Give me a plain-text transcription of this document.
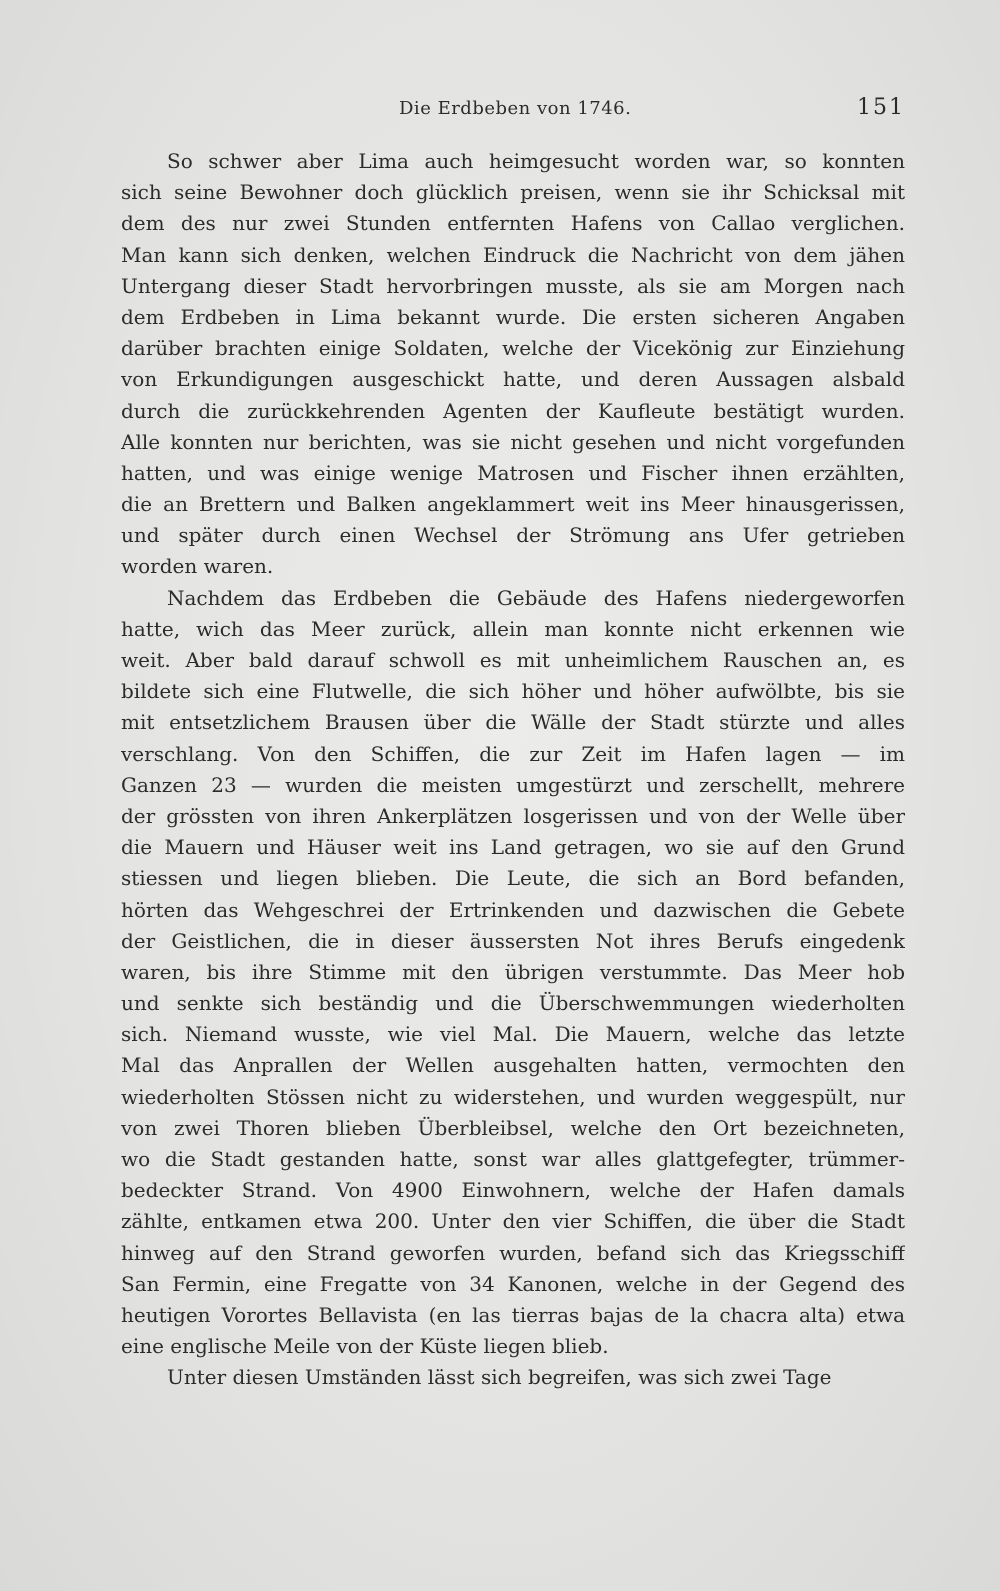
Die Erdbeben von 1746.	151
So schwer aber Lima auch heimgesucht worden war, so konnten
sich seine Bewohner doch glücklich preisen, wenn sie ihr Schicksal mit
dem des nur zwei Stunden entfernten Hafens von Callao verglichen.
Man kann sich denken, welchen Eindruck die Nachricht von dem jähen
Untergang dieser Stadt hervorbringen musste, als sie am Morgen nach
dem Erdbeben in Lima bekannt wurde. Die ersten sicheren Angaben
darüber brachten einige Soldaten, welche der Vicekönig zur Einziehung
von Erkundigungen ausgeschickt hatte, und deren Aussagen alsbald
durch die zurückkehrenden Agenten der Kaufleute bestätigt wurden.
Alle konnten nur berichten, was sie nicht gesehen und nicht vorgefunden
hatten, und was einige wenige Matrosen und Fischer ihnen erzählten,
die an Brettern und Balken angeklammert weit ins Meer hinausgerissen,
und später durch einen Wechsel der Strömung ans Ufer getrieben
worden waren.
Nachdem das Erdbeben die Gebäude des Hafens niedergeworfen
hatte, wich das Meer zurück, allein man konnte nicht erkennen wie
weit. Aber bald darauf schwoll es mit unheimlichem Rauschen an, es
bildete sich eine Flutwelle, die sich höher und höher aufwölbte, bis sie
mit entsetzlichem Brausen über die Wälle der Stadt stürzte und alles
verschlang. Von den Schiffen, die zur Zeit im Hafen lagen — im
Ganzen 23 — wurden die meisten umgestürzt und zerschellt, mehrere
der grössten von ihren Ankerplätzen losgerissen und von der Welle über
die Mauern und Häuser weit ins Land getragen, wo sie auf den Grund
stiessen und liegen blieben. Die Leute, die sich an Bord befanden,
hörten das Wehgeschrei der Ertrinkenden und dazwischen die Gebete
der Geistlichen, die in dieser äussersten Not ihres Berufs eingedenk
waren, bis ihre Stimme mit den übrigen verstummte. Das Meer hob
und senkte sich beständig und die Überschwemmungen wiederholten
sich. Niemand wusste, wie viel Mal. Die Mauern, welche das letzte
Mal das Anprallen der Wellen ausgehalten hatten, vermochten den
wiederholten Stössen nicht zu widerstehen, und wurden weggespült, nur
von zwei Thoren blieben Überbleibsel, welche den Ort bezeichneten,
wo die Stadt gestanden hatte, sonst war alles glattgefegter, trümmer-
bedeckter Strand. Von 4900 Einwohnern, welche der Hafen damals
zählte, entkamen etwa 200. Unter den vier Schiffen, die über die Stadt
hinweg auf den Strand geworfen wurden, befand sich das Kriegsschiff
San Fermin, eine Fregatte von 34 Kanonen, welche in der Gegend des
heutigen Vorortes Bellavista (en las tierras bajas de la chacra alta) etwa
eine englische Meile von der Küste liegen blieb.
Unter diesen Umständen lässt sich begreifen, was sich zwei Tage
